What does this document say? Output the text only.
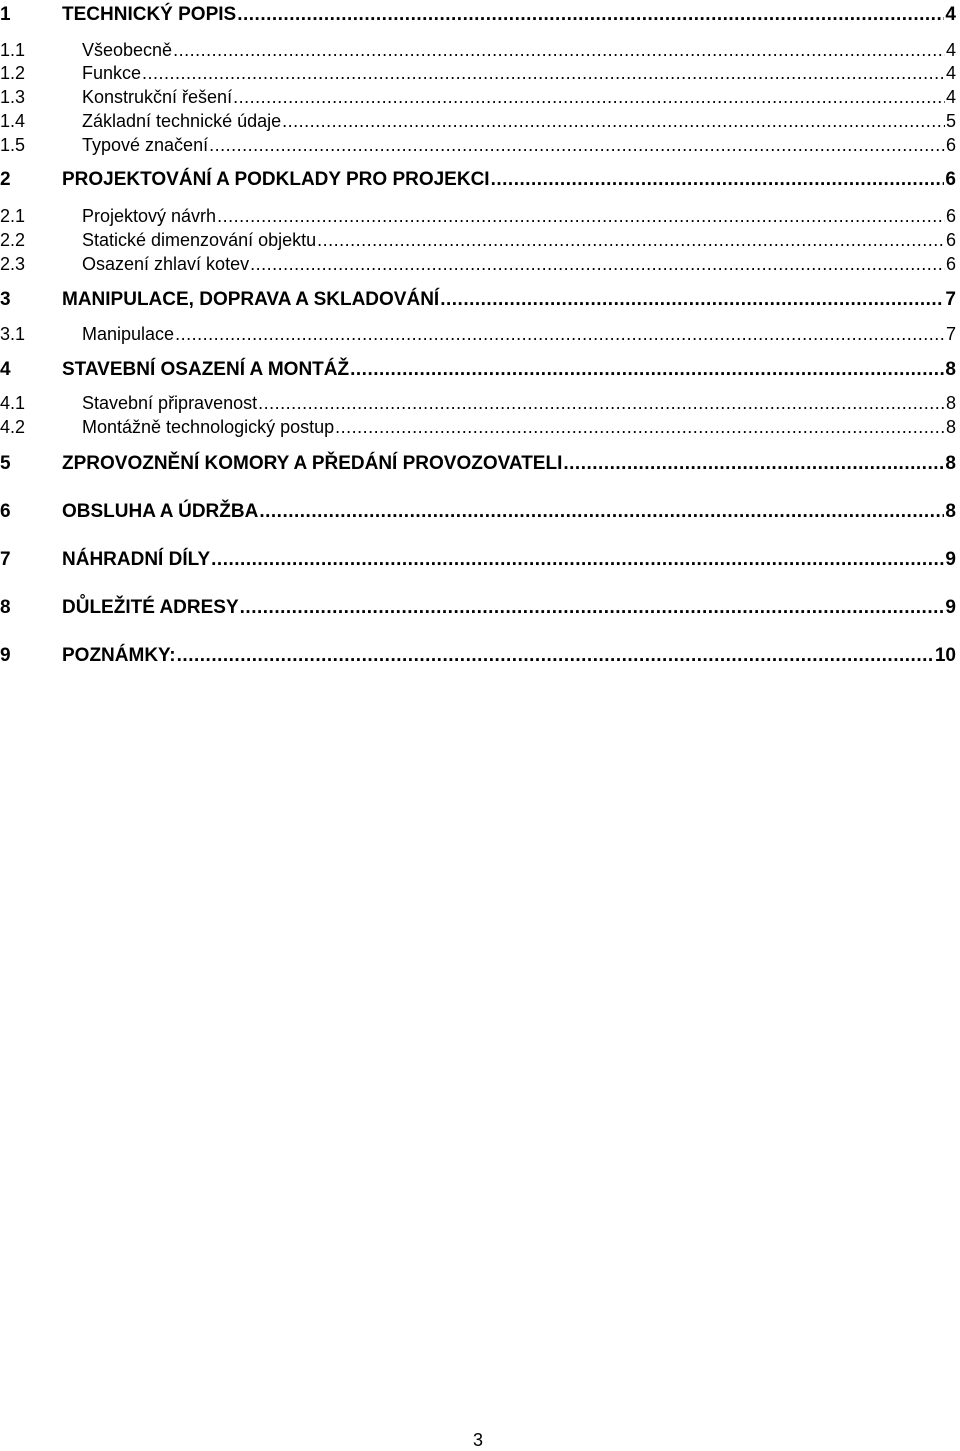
1	TECHNICKÝ POPIS .....	4
1.1	Všeobecně .....	4
1.2	Funkce .....	4
1.3	Konstrukční řešení .....	4
1.4	Základní technické údaje .....	5
1.5	Typové značení .....	6
2	PROJEKTOVÁNÍ A PODKLADY PRO PROJEKCI .....	6
2.1	Projektový návrh .....	6
2.2	Statické dimenzování objektu .....	6
2.3	Osazení zhlaví kotev .....	6
3	MANIPULACE, DOPRAVA A SKLADOVÁNÍ .....	7
3.1	Manipulace .....	7
4	STAVEBNÍ OSAZENÍ A MONTÁŽ .....	8
4.1	Stavební připravenost .....	8
4.2	Montážně technologický postup .....	8
5	ZPROVOZNĚNÍ KOMORY A PŘEDÁNÍ PROVOZOVATELI .....	8
6	OBSLUHA A ÚDRŽBA .....	8
7	NÁHRADNÍ DÍLY .....	9
8	DŮLEŽITÉ ADRESY .....	9
9	POZNÁMKY: .....	10
3
